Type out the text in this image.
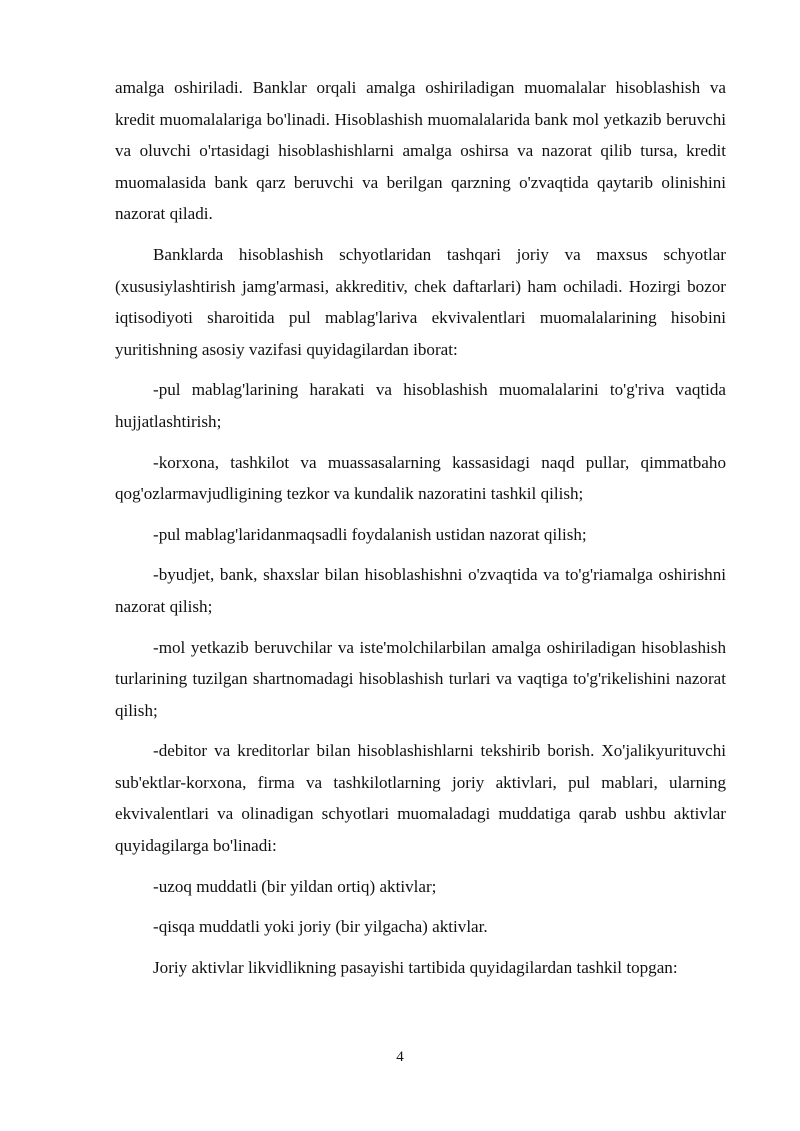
amalga oshiriladi. Banklar orqali amalga oshiriladigan muomalalar hisoblashish va kredit muomalalariga bo'linadi. Hisoblashish muomalalarida bank mol yetkazib beruvchi va oluvchi o'rtasidagi hisoblashishlarni amalga oshirsa va nazorat qilib tursa, kredit muomalasida bank qarz beruvchi va berilgan qarzning o'zvaqtida qaytarib olinishini nazorat qiladi.

Banklarda hisoblashish schyotlaridan tashqari joriy va maxsus schyotlar (xususiylashtirish jamg'armasi, akkreditiv, chek daftarlari) ham ochiladi. Hozirgi bozor iqtisodiyoti sharoitida pul mablag'lariva ekvivalentlari muomalalarining hisobini yuritishning asosiy vazifasi quyidagilardan iborat:

-pul mablag'larining harakati va hisoblashish muomalalarini to'g'riva vaqtida hujjatlashtirish;

-korxona, tashkilot va muassasalarning kassasidagi naqd pullar, qimmatbaho qog'ozlarmavjudligining tezkor va kundalik nazoratini tashkil qilish;

-pul mablag'laridanmaqsadli foydalanish ustidan nazorat qilish;

-byudjet, bank, shaxslar bilan hisoblashishni o'zvaqtida va to'g'riamalga oshirishni nazorat qilish;

-mol yetkazib beruvchilar va iste'molchilarbilan amalga oshiriladigan hisoblashish turlarining tuzilgan shartnomadagi hisoblashish turlari va vaqtiga to'g'rikelishini nazorat qilish;

-debitor va kreditorlar bilan hisoblashishlarni tekshirib borish. Xo'jalikyurituvchi sub'ektlar-korxona, firma va tashkilotlarning joriy aktivlari, pul mablari, ularning ekvivalentlari va olinadigan schyotlari muomaladagi muddatiga qarab ushbu aktivlar quyidagilarga bo'linadi:

-uzoq muddatli (bir yildan ortiq) aktivlar;

-qisqa muddatli yoki joriy (bir yilgacha) aktivlar.

Joriy aktivlar likvidlikning pasayishi tartibida quyidagilardan tashkil topgan:

4
